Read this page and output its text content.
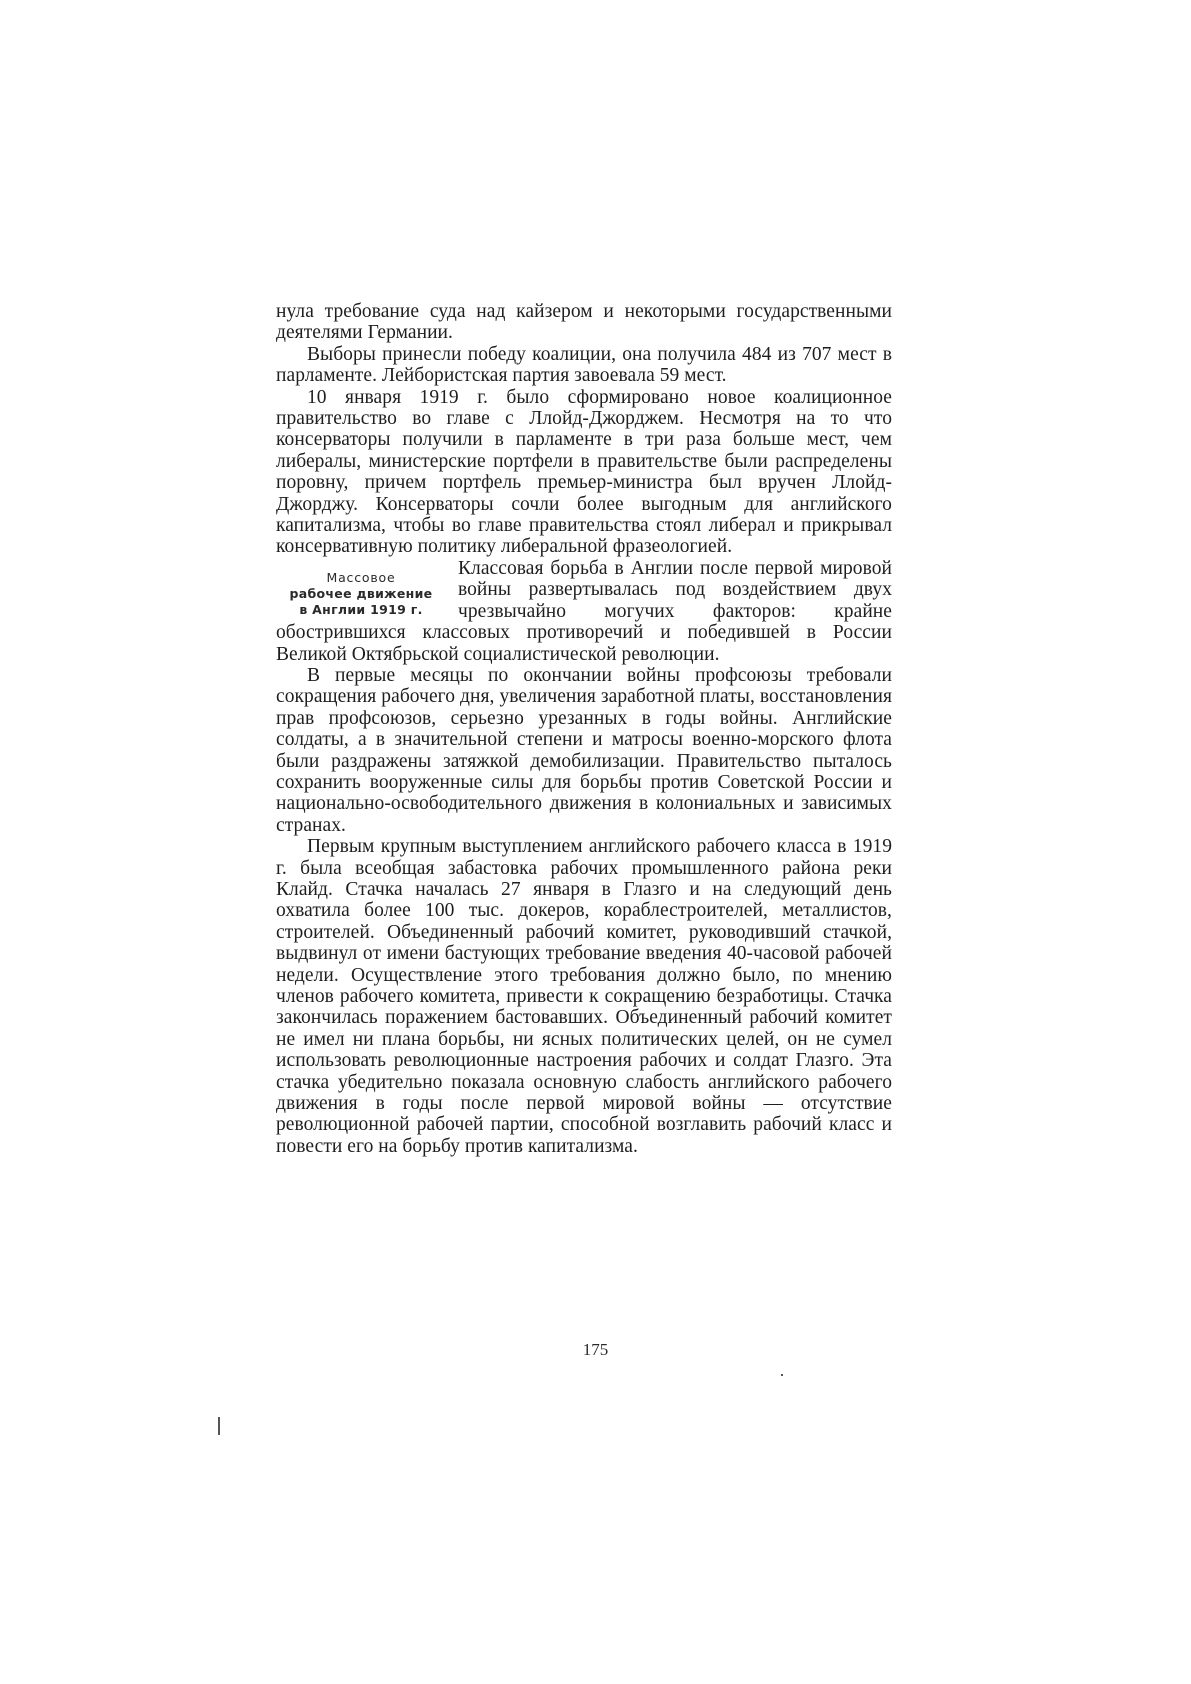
нула требование суда над кайзером и некоторыми государственными деятелями Германии.

Выборы принесли победу коалиции, она получила 484 из 707 мест в парламенте. Лейбористская партия завоевала 59 мест.

10 января 1919 г. было сформировано новое коалиционное правительство во главе с Ллойд-Джорджем. Несмотря на то что консерваторы получили в парламенте в три раза больше мест, чем либералы, министерские портфели в правительстве были распределены поровну, причем портфель премьер-министра был вручен Ллойд-Джорджу. Консерваторы сочли более выгодным для английского капитализма, чтобы во главе правительства стоял либерал и прикрывал консервативную политику либеральной фразеологией.

Массовое
рабочее движение
в Англии 1919 г.

Классовая борьба в Англии после первой мировой войны развертывалась под воздействием двух чрезвычайно могучих факторов: крайне обострившихся классовых противоречий и победившей в России Великой Октябрьской социалистической революции.

В первые месяцы по окончании войны профсоюзы требовали сокращения рабочего дня, увеличения заработной платы, восстановления прав профсоюзов, серьезно урезанных в годы войны. Английские солдаты, а в значительной степени и матросы военно-морского флота были раздражены затяжкой демобилизации. Правительство пыталось сохранить вооруженные силы для борьбы против Советской России и национально-освободительного движения в колониальных и зависимых странах.

Первым крупным выступлением английского рабочего класса в 1919 г. была всеобщая забастовка рабочих промышленного района реки Клайд. Стачка началась 27 января в Глазго и на следующий день охватила более 100 тыс. докеров, кораблестроителей, металлистов, строителей. Объединенный рабочий комитет, руководивший стачкой, выдвинул от имени бастующих требование введения 40-часовой рабочей недели. Осуществление этого требования должно было, по мнению членов рабочего комитета, привести к сокращению безработицы. Стачка закончилась поражением бастовавших. Объединенный рабочий комитет не имел ни плана борьбы, ни ясных политических целей, он не сумел использовать революционные настроения рабочих и солдат Глазго. Эта стачка убедительно показала основную слабость английского рабочего движения в годы после первой мировой войны — отсутствие революционной рабочей партии, способной возглавить рабочий класс и повести его на борьбу против капитализма.

175
